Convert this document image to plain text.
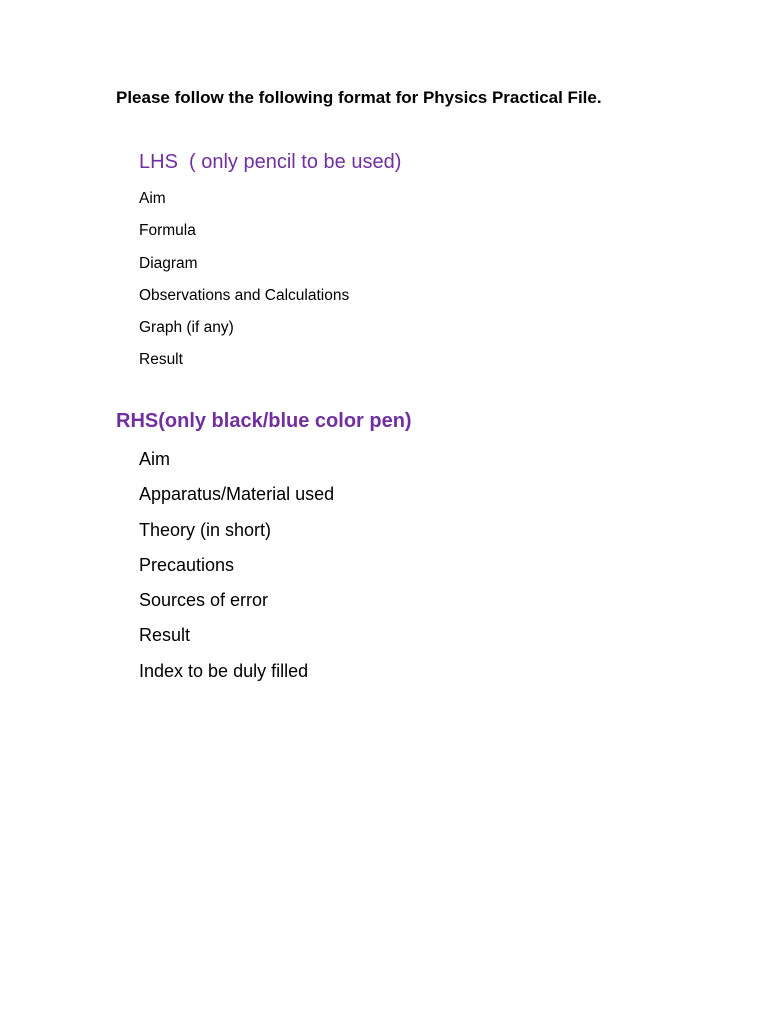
Please follow the following format for Physics Practical File.
LHS  ( only pencil to be used)
Aim
Formula
Diagram
Observations and Calculations
Graph (if any)
Result
RHS(only black/blue color pen)
Aim
Apparatus/Material used
Theory (in short)
Precautions
Sources of error
Result
Index to be duly filled
